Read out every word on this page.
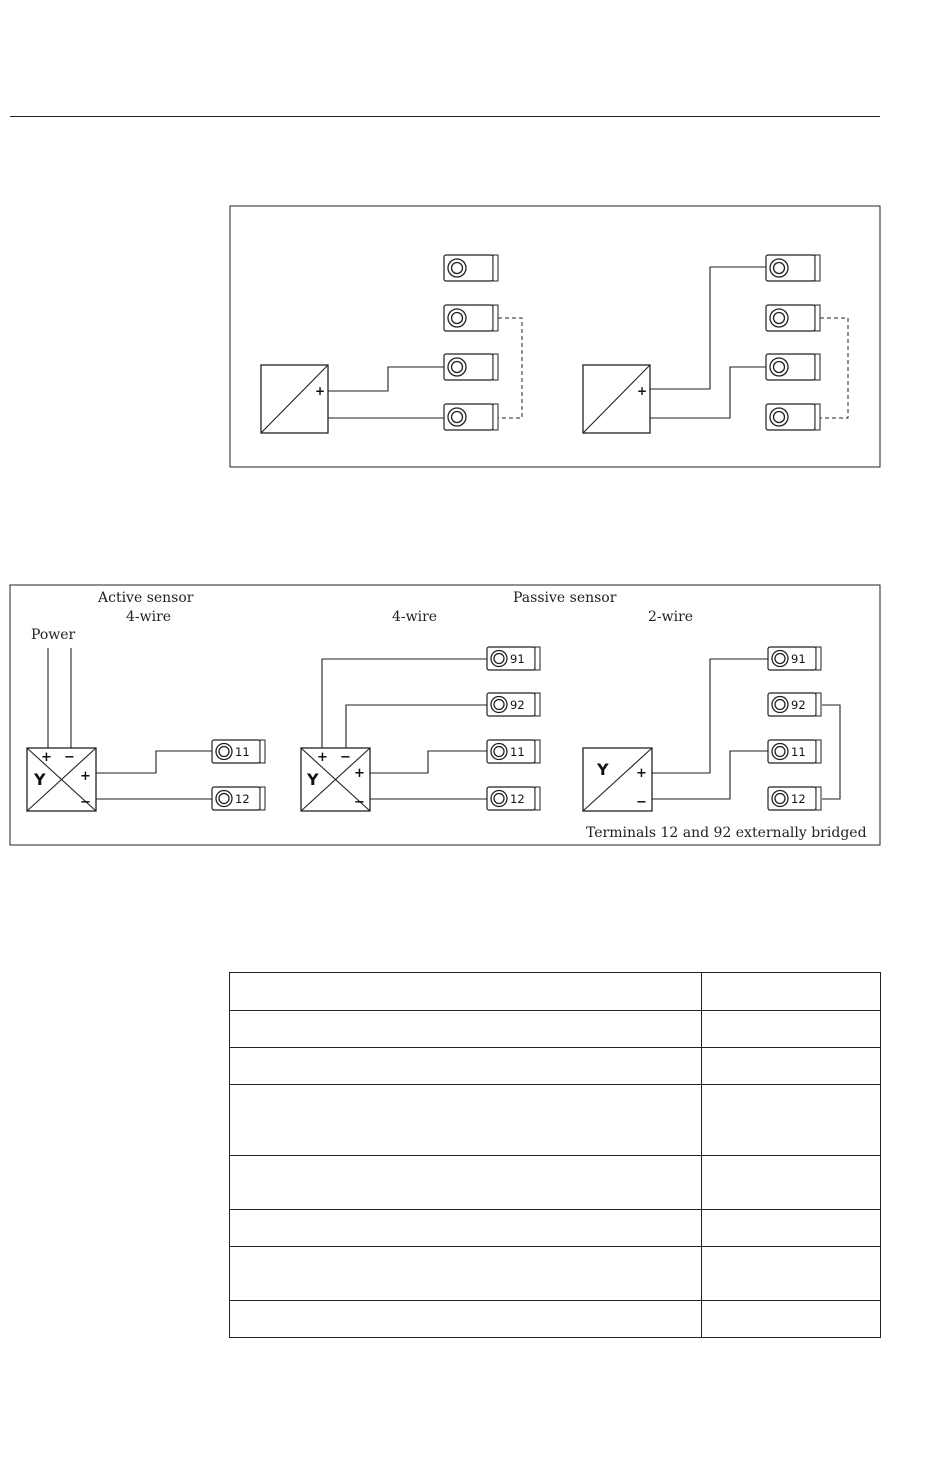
+	+
Active sensor
4-wire
Power
Passive sensor
4-wire	2-wire
Terminals 12 and 92 externally bridged
+ −
Y	+
−
11
12
+ −
Y	+
−
91
92
11
12
Y +
−
91
92
11
12
